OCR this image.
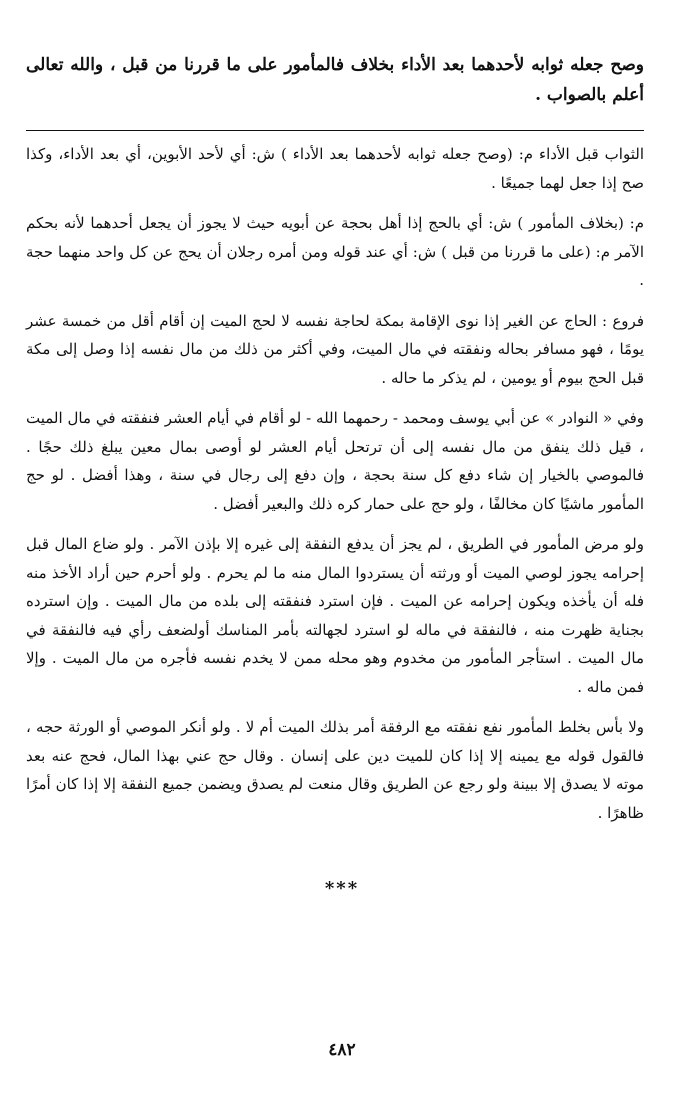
وصح جعله ثوابه لأحدهما بعد الأداء بخلاف فالمأمور على ما قررنا من قبل ، والله تعالى أعلم بالصواب .

الثواب قبل الأداء م: (وصح جعله ثوابه لأحدهما بعد الأداء ) ش: أي لأحد الأبوين، أي بعد الأداء، وكذا صح إذا جعل لهما جميعًا .

م: (بخلاف المأمور ) ش: أي بالحج إذا أهل بحجة عن أبويه حيث لا يجوز أن يجعل أحدهما لأنه بحكم الآمر م: (على ما قررنا من قبل ) ش: أي عند قوله ومن أمره رجلان أن يحج عن كل واحد منهما حجة .

فروع : الحاج عن الغير إذا نوى الإقامة بمكة لحاجة نفسه لا لحج الميت إن أقام أقل من خمسة عشر يومًا ، فهو مسافر بحاله ونفقته في مال الميت، وفي أكثر من ذلك من مال نفسه إذا وصل إلى مكة قبل الحج بيوم أو يومين ، لم يذكر ما حاله .

وفي « النوادر » عن أبي يوسف ومحمد - رحمهما الله - لو أقام في أيام العشر فنفقته في مال الميت ، قيل ذلك ينفق من مال نفسه إلى أن ترتحل أيام العشر لو أوصى بمال معين يبلغ ذلك حجًا . فالموصي بالخيار إن شاء دفع كل سنة بحجة ، وإن دفع إلى رجال في سنة ، وهذا أفضل . لو حج المأمور ماشيًا كان مخالفًا ، ولو حج على حمار كره ذلك والبعير أفضل .

ولو مرض المأمور في الطريق ، لم يجز أن يدفع النفقة إلى غيره إلا بإذن الآمر . ولو ضاع المال قبل إحرامه يجوز لوصي الميت أو ورثته أن يستردوا المال منه ما لم يحرم . ولو أحرم حين أراد الأخذ منه فله أن يأخذه ويكون إحرامه عن الميت . فإن استرد فنفقته إلى بلده من مال الميت . وإن استرده بجناية ظهرت منه ، فالنفقة في ماله لو استرد لجهالته بأمر المناسك أولضعف رأي فيه فالنفقة في مال الميت . استأجر المأمور من مخدوم وهو محله ممن لا يخدم نفسه فأجره من مال الميت . وإلا فمن ماله .

ولا بأس بخلط المأمور نفع نفقته مع الرفقة أمر بذلك الميت أم لا . ولو أنكر الموصي أو الورثة حجه ، فالقول قوله مع يمينه إلا إذا كان للميت دين على إنسان . وقال حج عني بهذا المال، فحج عنه بعد موته لا يصدق إلا ببينة ولو رجع عن الطريق وقال منعت لم يصدق ويضمن جميع النفقة إلا إذا كان أمرًا ظاهرًا .

***
٤٨٢
